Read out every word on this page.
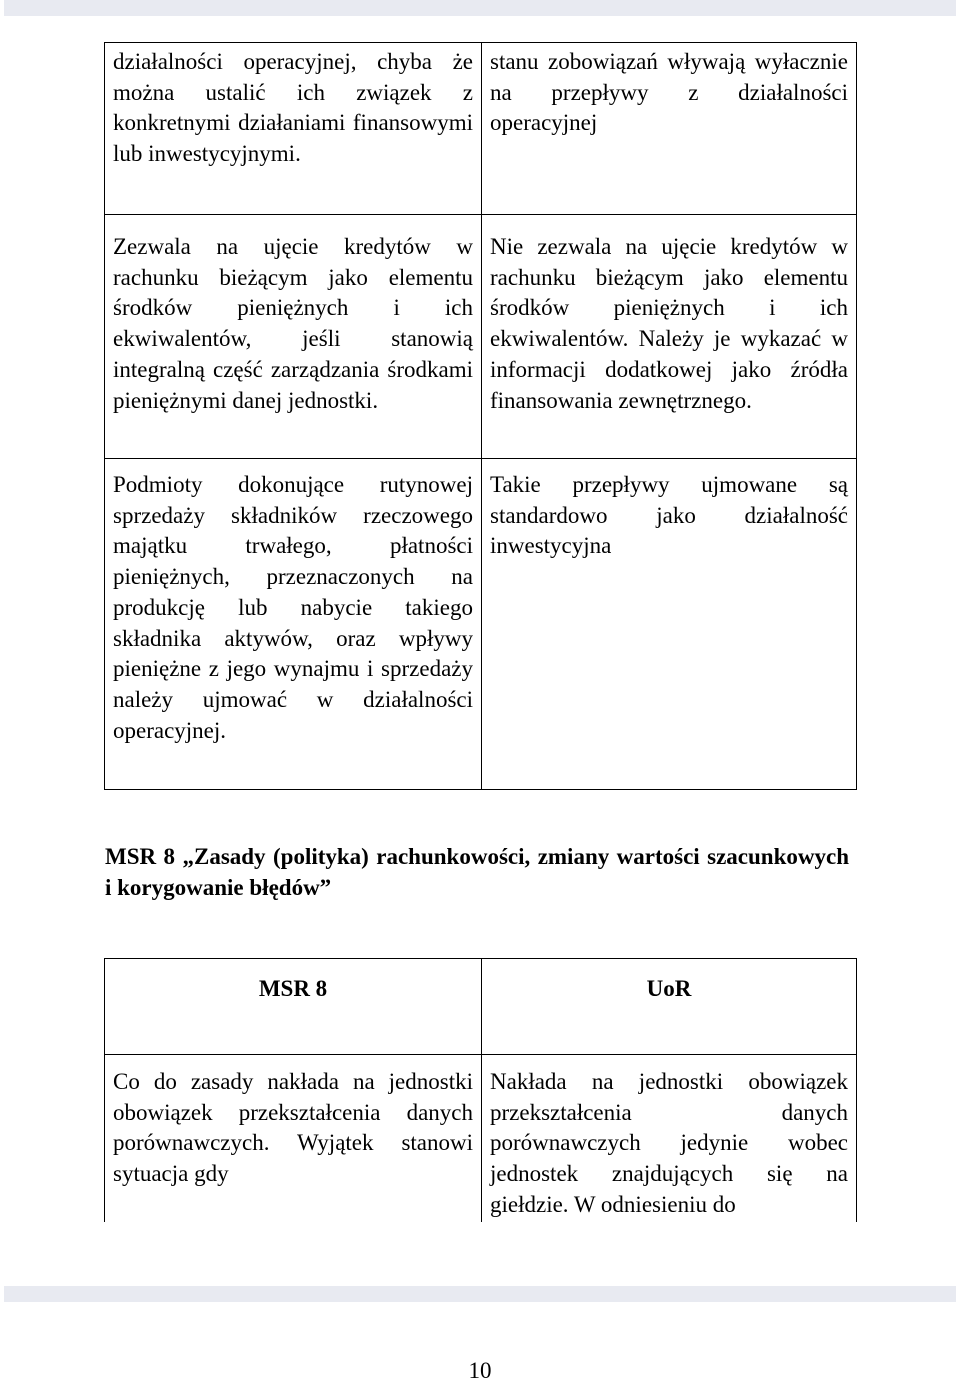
działalności operacyjnej, chyba że można ustalić ich związek z konkretnymi działaniami finansowymi lub inwestycyjnymi.	stanu zobowiązań wływają wyłacznie na przepływy z działalności operacyjnej

Zezwala na ujęcie kredytów w rachunku bieżącym jako elementu środków pieniężnych i ich ekwiwalentów, jeśli stanowią integralną część zarządzania środkami pieniężnymi danej jednostki.	Nie zezwala na ujęcie kredytów w rachunku bieżącym jako elementu środków pieniężnych i ich ekwiwalentów. Należy je wykazać w informacji dodatkowej jako źródła finansowania zewnętrznego.

Podmioty dokonujące rutynowej sprzedaży składników rzeczowego majątku trwałego, płatności pieniężnych, przeznaczonych na produkcję lub nabycie takiego składnika aktywów, oraz wpływy pieniężne z jego wynajmu i sprzedaży należy ujmować w działalności operacyjnej.	Takie przepływy ujmowane są standardowo jako działalność inwestycyjna

MSR 8 „Zasady (polityka) rachunkowości, zmiany wartości szacunkowych i korygowanie błędów”

MSR 8	UoR

Co do zasady nakłada na jednostki obowiązek przekształcenia danych porównawczych. Wyjątek stanowi sytuacja gdy	Nakłada na jednostki obowiązek przekształcenia danych porównawczych jedynie wobec jednostek znajdujących się na giełdzie. W odniesieniu do
10
